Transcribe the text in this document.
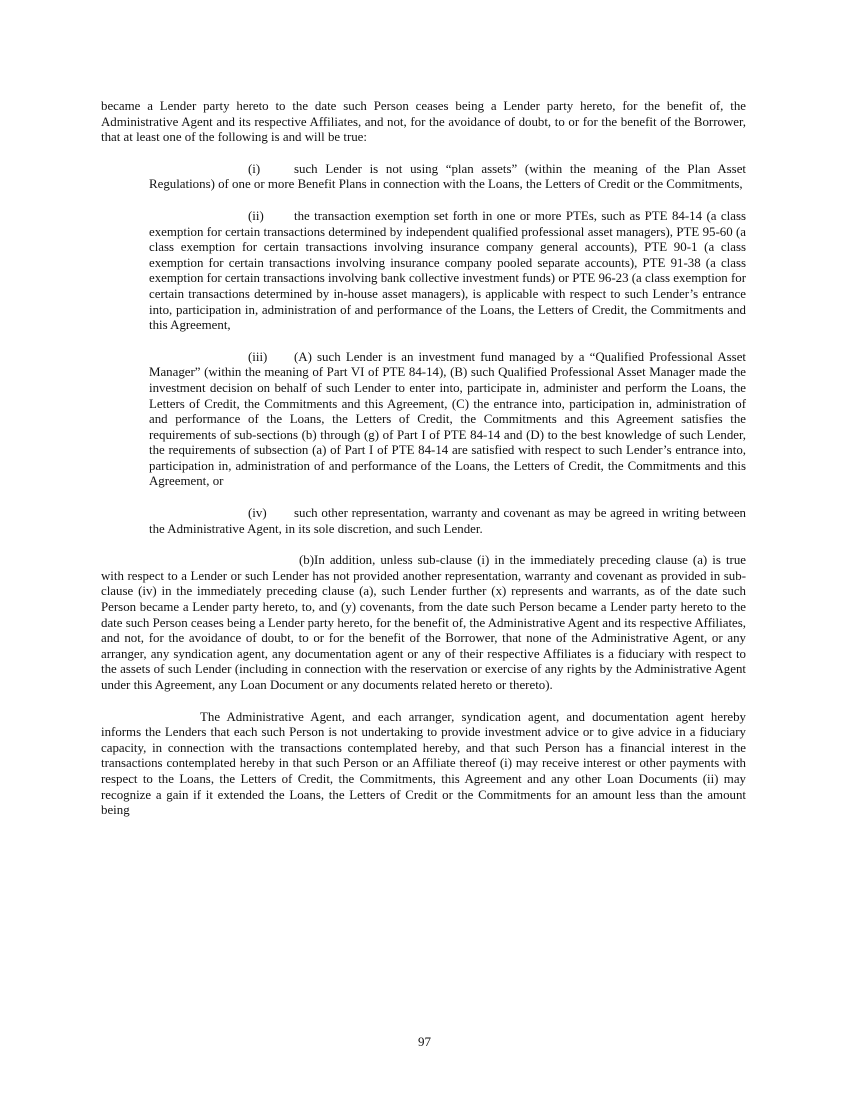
became a Lender party hereto to the date such Person ceases being a Lender party hereto, for the benefit of, the Administrative Agent and its respective Affiliates, and not, for the avoidance of doubt, to or for the benefit of the Borrower, that at least one of the following is and will be true:

(i)	such Lender is not using “plan assets” (within the meaning of the Plan Asset Regulations) of one or more Benefit Plans in connection with the Loans, the Letters of Credit or the Commitments,

(ii) the transaction exemption set forth in one or more PTEs, such as PTE 84-14 (a class exemption for certain transactions determined by independent qualified professional asset managers), PTE 95-60 (a class exemption for certain transactions involving insurance company general accounts), PTE 90-1 (a class exemption for certain transactions involving insurance company pooled separate accounts), PTE 91-38 (a class exemption for certain transactions involving bank collective investment funds) or PTE 96-23 (a class exemption for certain transactions determined by in-house asset managers), is applicable with respect to such Lender’s entrance into, participation in, administration of and performance of the Loans, the Letters of Credit, the Commitments and this Agreement,

(iii) (A) such Lender is an investment fund managed by a “Qualified Professional Asset Manager” (within the meaning of Part VI of PTE 84-14), (B) such Qualified Professional Asset Manager made the investment decision on behalf of such Lender to enter into, participate in, administer and perform the Loans, the Letters of Credit, the Commitments and this Agreement, (C) the entrance into, participation in, administration of and performance of the Loans, the Letters of Credit, the Commitments and this Agreement satisfies the requirements of sub-sections (b) through (g) of Part I of PTE 84-14 and (D) to the best knowledge of such Lender, the requirements of subsection (a) of Part I of PTE 84-14 are satisfied with respect to such Lender’s entrance into, participation in, administration of and performance of the Loans, the Letters of Credit, the Commitments and this Agreement, or

(iv) such other representation, warranty and covenant as may be agreed in writing between the Administrative Agent, in its sole discretion, and such Lender.

(b)In addition, unless sub-clause (i) in the immediately preceding clause (a) is true with respect to a Lender or such Lender has not provided another representation, warranty and covenant as provided in sub-clause (iv) in the immediately preceding clause (a), such Lender further (x) represents and warrants, as of the date such Person became a Lender party hereto, to, and (y) covenants, from the date such Person became a Lender party hereto to the date such Person ceases being a Lender party hereto, for the benefit of, the Administrative Agent and its respective Affiliates, and not, for the avoidance of doubt, to or for the benefit of the Borrower, that none of the Administrative Agent, or any arranger, any syndication agent, any documentation agent or any of their respective Affiliates is a fiduciary with respect to the assets of such Lender (including in connection with the reservation or exercise of any rights by the Administrative Agent under this Agreement, any Loan Document or any documents related hereto or thereto).

The Administrative Agent, and each arranger, syndication agent, and documentation agent hereby informs the Lenders that each such Person is not undertaking to provide investment advice or to give advice in a fiduciary capacity, in connection with the transactions contemplated hereby, and that such Person has a financial interest in the transactions contemplated hereby in that such Person or an Affiliate thereof (i) may receive interest or other payments with respect to the Loans, the Letters of Credit, the Commitments, this Agreement and any other Loan Documents (ii) may recognize a gain if it extended the Loans, the Letters of Credit or the Commitments for an amount less than the amount being

97
